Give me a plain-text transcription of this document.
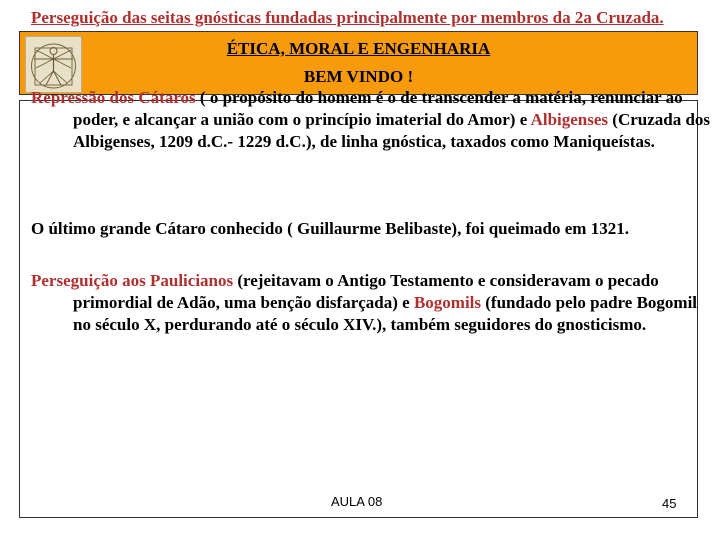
ÉTICA, MORAL E ENGENHARIA
BEM VINDO !
Perseguição das seitas gnósticas fundadas principalmente por membros da 2a Cruzada.
Repressão dos Cátaros ( o propósito do homem é o de transcender a matéria, renunciar ao poder, e alcançar a união com o princípio imaterial do Amor) e Albigenses (Cruzada dos Albigenses, 1209 d.C.- 1229 d.C.), de linha gnóstica, taxados como Maniqueístas.
O último grande Cátaro conhecido ( Guillaurme Belibaste), foi queimado em 1321.
Perseguição aos Paulicianos (rejeitavam o Antigo Testamento e consideravam o pecado primordial de Adão, uma benção disfarçada) e Bogomils (fundado pelo padre Bogomil no século X, perdurando até o século XIV.), também seguidores do gnosticismo.
AULA 08	45
